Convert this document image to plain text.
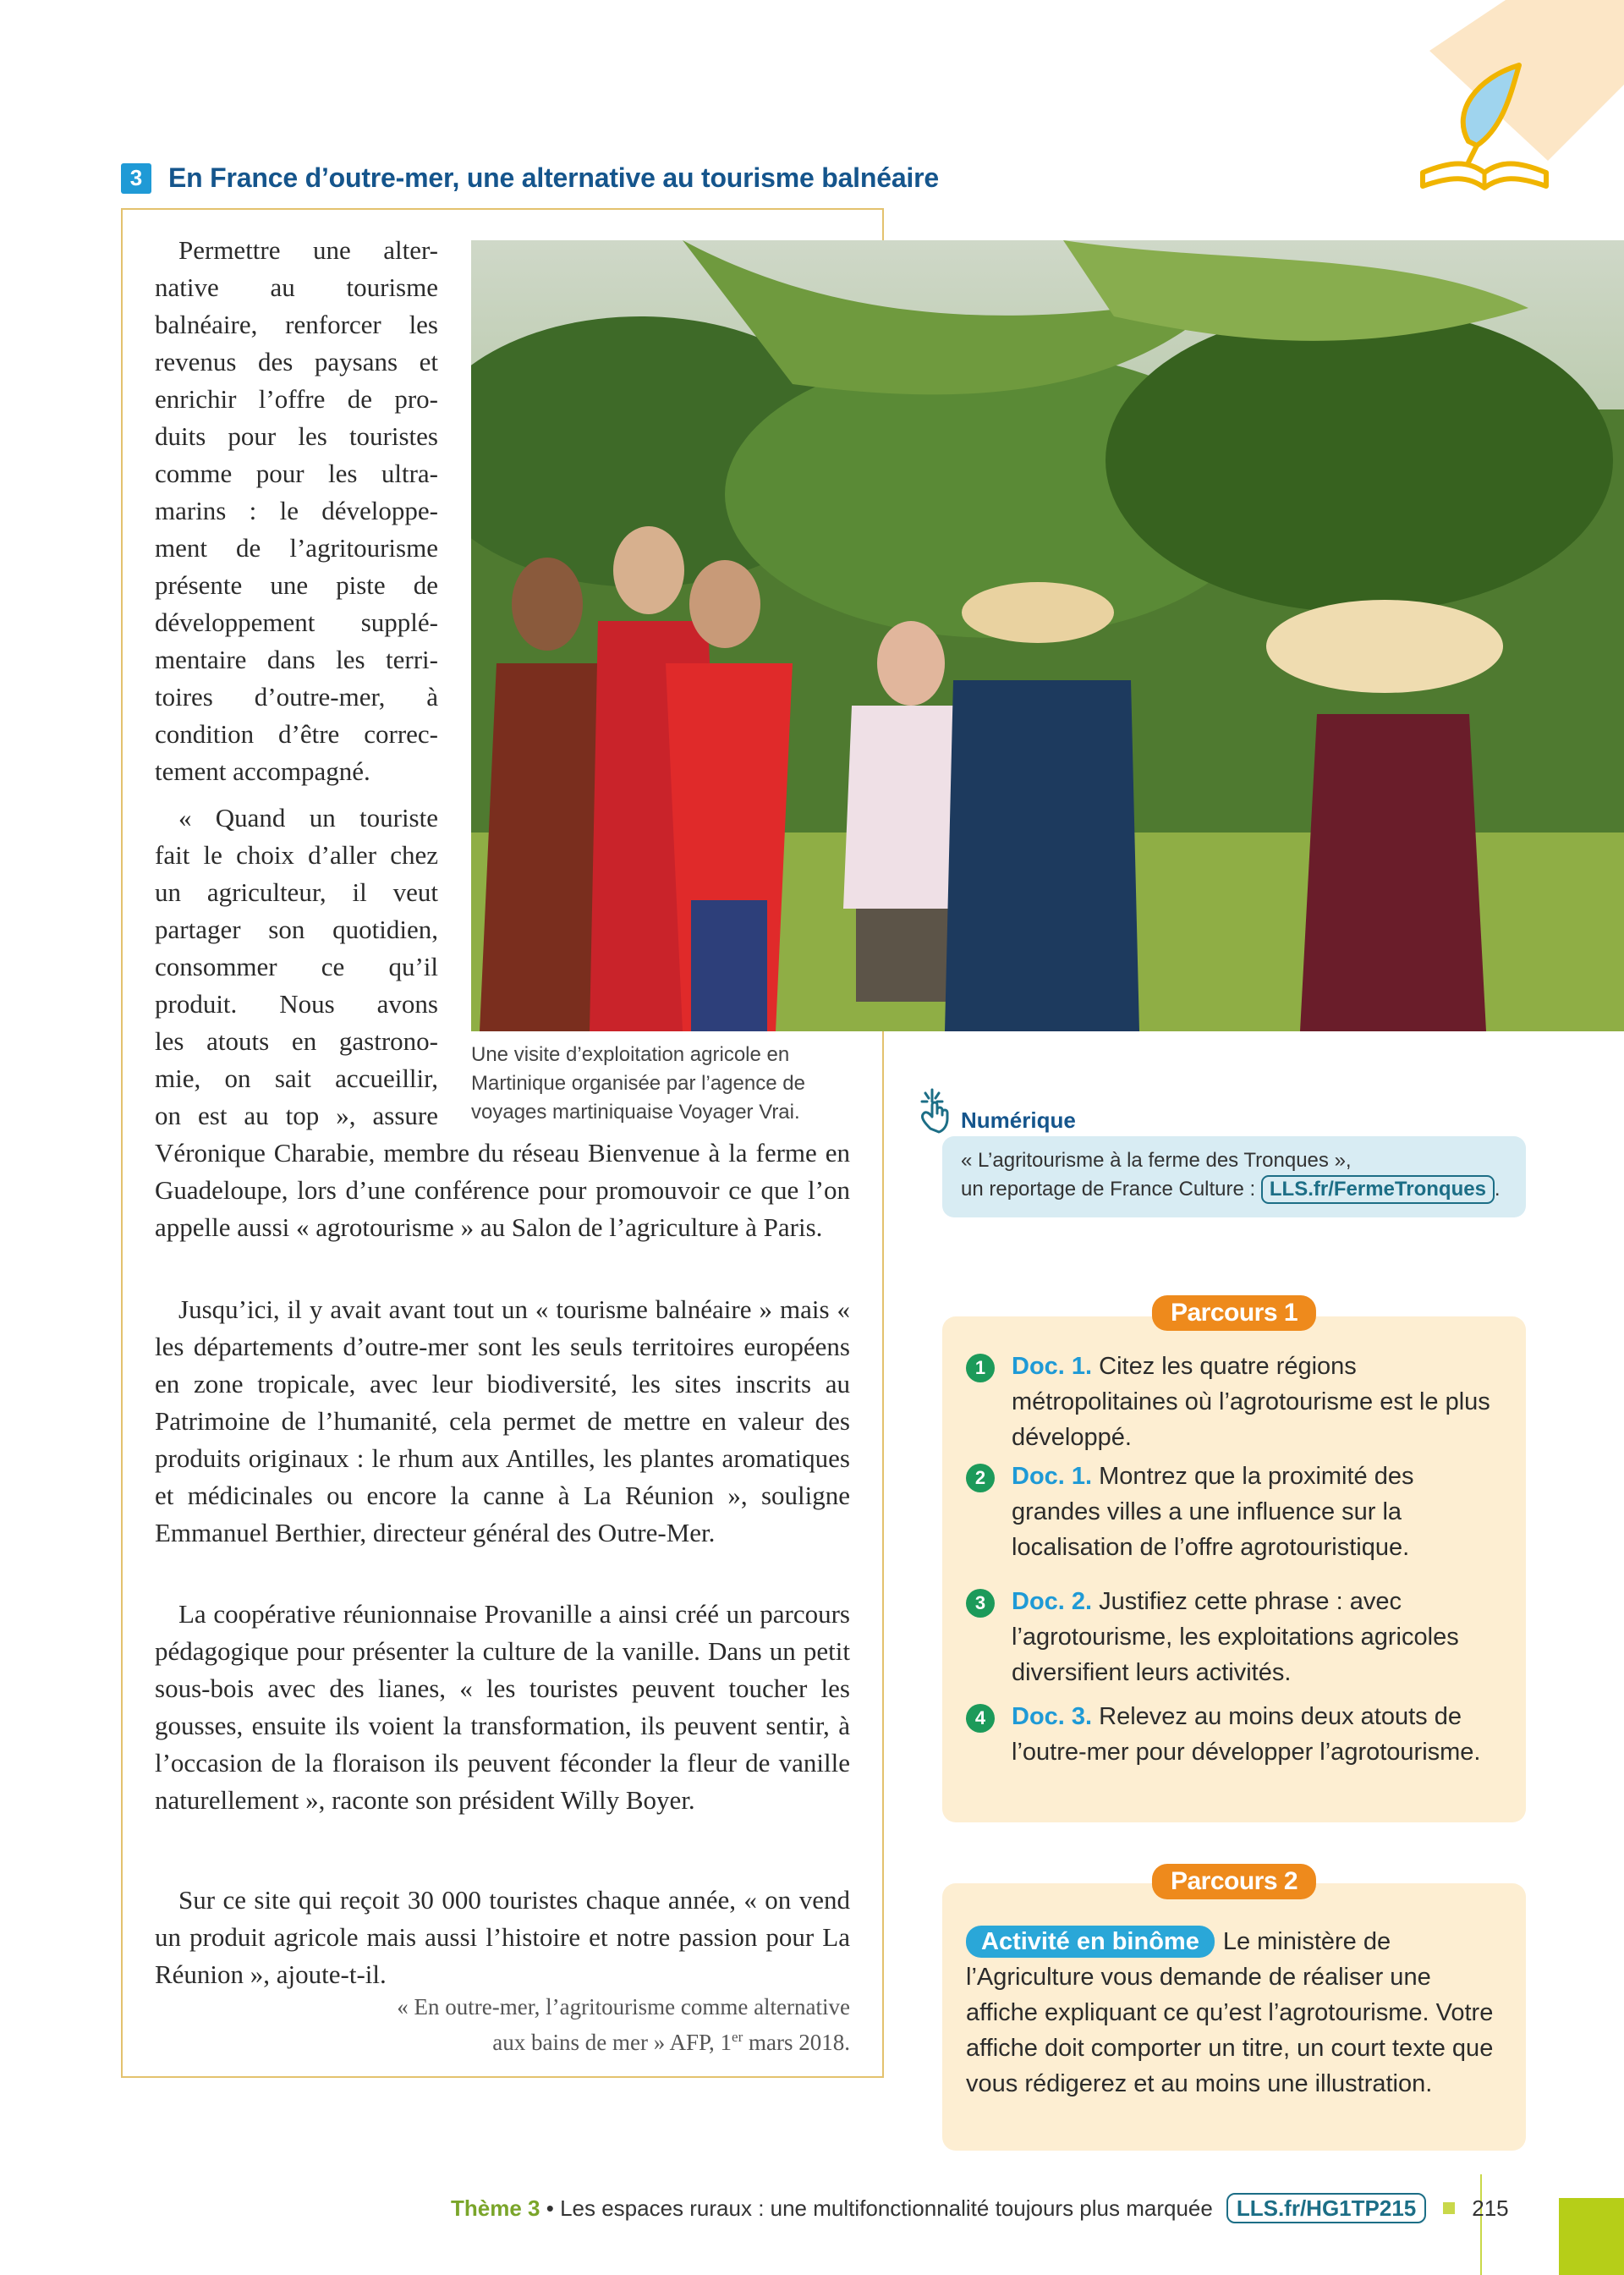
3 En France d’outre-mer, une alternative au tourisme balnéaire
Permettre une alter-
native au tourisme
balnéaire, renforcer les
revenus des paysans et
enrichir l’offre de pro-
duits pour les touristes
comme pour les ultra-
marins : le développe-
ment de l’agritourisme
présente une piste de
développement supplé-
mentaire dans les terri-
toires d’outre-mer, à
condition d’être correc-
tement accompagné.
« Quand un touriste
fait le choix d’aller chez
un agriculteur, il veut
partager son quotidien,
consommer ce qu’il
produit. Nous avons
les atouts en gastrono-
mie, on sait accueillir,
on est au top », assure
Véronique Charabie, membre du réseau Bienvenue à la ferme en Guadeloupe, lors d’une conférence pour promouvoir ce que l’on appelle aussi « agrotourisme » au Salon de l’agriculture à Paris.
Jusqu’ici, il y avait avant tout un « tourisme balnéaire » mais « les départements d’outre-mer sont les seuls territoires européens en zone tropicale, avec leur biodiversité, les sites inscrits au Patrimoine de l’humanité, cela permet de mettre en valeur des produits originaux : le rhum aux Antilles, les plantes aromatiques et médicinales ou encore la canne à La Réunion », souligne Emmanuel Berthier, directeur général des Outre-Mer.
La coopérative réunionnaise Provanille a ainsi créé un parcours pédagogique pour présenter la culture de la vanille. Dans un petit sous-bois avec des lianes, « les touristes peuvent toucher les gousses, ensuite ils voient la transformation, ils peuvent sentir, à l’occasion de la floraison ils peuvent féconder la fleur de vanille naturellement », raconte son président Willy Boyer.
Sur ce site qui reçoit 30 000 touristes chaque année, « on vend un produit agricole mais aussi l’histoire et notre passion pour La Réunion », ajoute-t-il.
« En outre-mer, l’agritourisme comme alternative
aux bains de mer » AFP, 1er mars 2018.
Une visite d’exploitation agricole en
Martinique organisée par l’agence de
voyages martiniquaise Voyager Vrai.	Numérique
« L’agritourisme à la ferme des Tronques »,
un reportage de France Culture : LLS.fr/FermeTronques .
1	Doc. 1. Citez les quatre régions métropolitaines où l’agrotourisme est le plus développé.
2	Doc. 1. Montrez que la proximité des grandes villes a une influence sur la localisation de l’offre agrotouristique.
3	Doc. 2. Justifiez cette phrase : avec l’agrotourisme, les exploitations agricoles diversifient leurs activités.
4	Doc. 3. Relevez au moins deux atouts de l’outre-mer pour développer l’agrotourisme.
Parcours 1
Activité en binôme Le ministère de l’Agriculture vous demande de réaliser une affiche expliquant ce qu’est l’agrotourisme. Votre affiche doit comporter un titre, un court texte que vous rédigerez et au moins une illustration.
Parcours 2
Thème 3 • Les espaces ruraux : une multifonctionnalité toujours plus marquée	LLS.fr/HG1TP215	215
